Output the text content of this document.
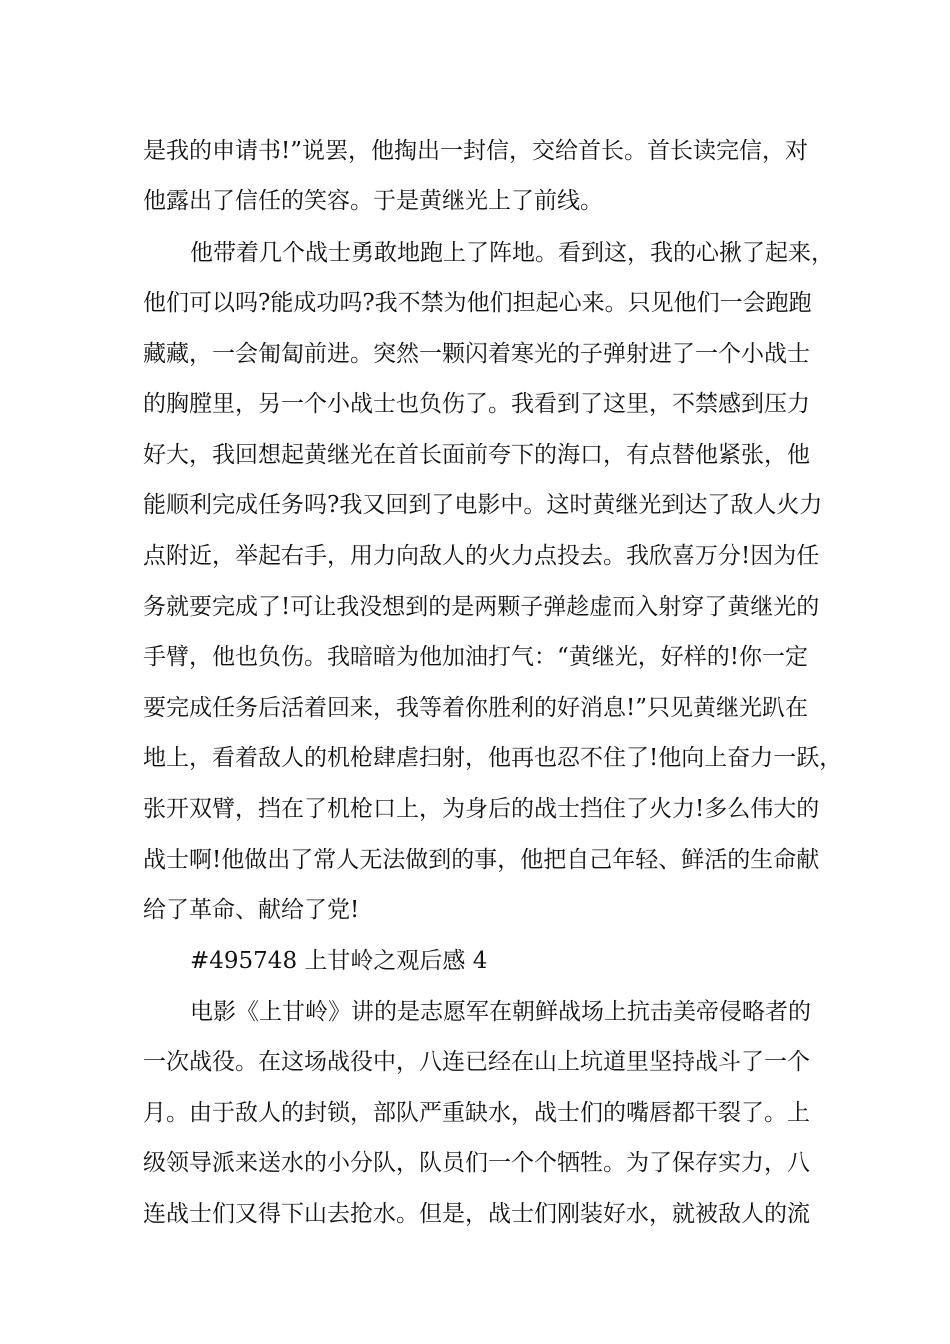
是我的申请书!”说罢，他掏出一封信，交给首长。首长读完信，对
他露出了信任的笑容。于是黄继光上了前线。
他带着几个战士勇敢地跑上了阵地。看到这，我的心揪了起来，
他们可以吗?能成功吗?我不禁为他们担起心来。只见他们一会跑跑
藏藏，一会匍匐前进。突然一颗闪着寒光的子弹射进了一个小战士
的胸膛里，另一个小战士也负伤了。我看到了这里，不禁感到压力
好大，我回想起黄继光在首长面前夸下的海口，有点替他紧张，他
能顺利完成任务吗?我又回到了电影中。这时黄继光到达了敌人火力
点附近，举起右手，用力向敌人的火力点投去。我欣喜万分!因为任
务就要完成了!可让我没想到的是两颗子弹趁虚而入射穿了黄继光的
手臂，他也负伤。我暗暗为他加油打气：“黄继光，好样的!你一定
要完成任务后活着回来，我等着你胜利的好消息!”只见黄继光趴在
地上，看着敌人的机枪肆虐扫射，他再也忍不住了!他向上奋力一跃，
张开双臂，挡在了机枪口上，为身后的战士挡住了火力!多么伟大的
战士啊!他做出了常人无法做到的事，他把自己年轻、鲜活的生命献
给了革命、献给了党!
#495748 上甘岭之观后感 4
电影《上甘岭》讲的是志愿军在朝鲜战场上抗击美帝侵略者的
一次战役。在这场战役中，八连已经在山上坑道里坚持战斗了一个
月。由于敌人的封锁，部队严重缺水，战士们的嘴唇都干裂了。上
级领导派来送水的小分队，队员们一个个牺牲。为了保存实力，八
连战士们又得下山去抢水。但是，战士们刚装好水，就被敌人的流
